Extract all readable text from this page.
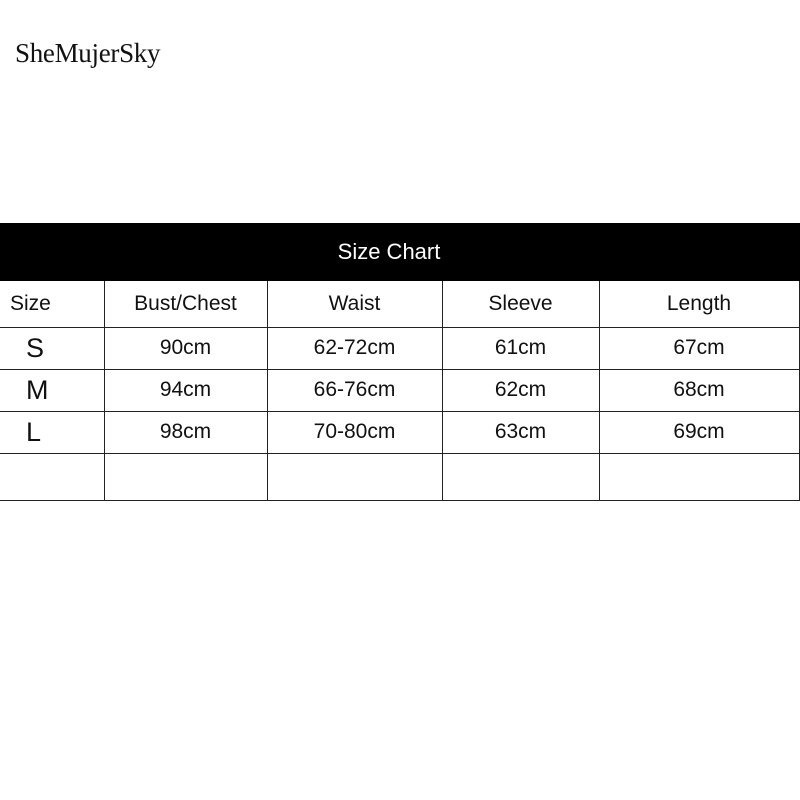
SheMujerSky
Size Chart
Size	Bust/Chest	Waist	Sleeve	Length
S	90cm	62-72cm	61cm	67cm
M	94cm	66-76cm	62cm	68cm
L	98cm	70-80cm	63cm	69cm
